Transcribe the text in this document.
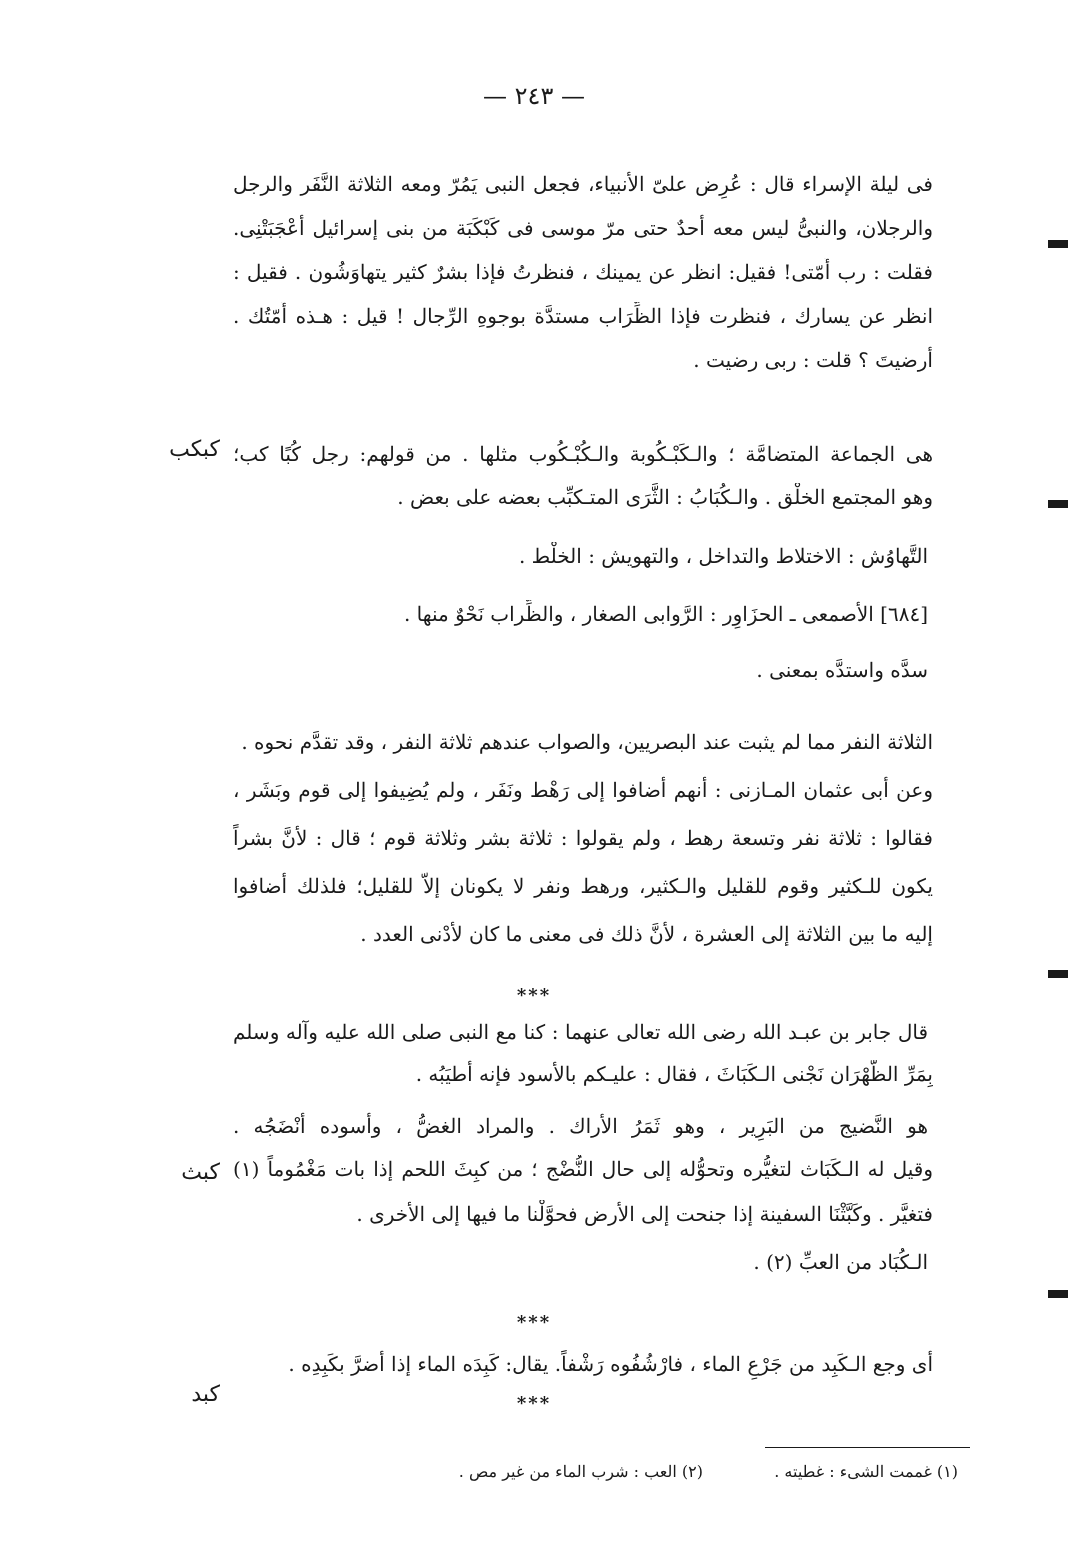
— ٢٤٣ —
فى ليلة الإسراء قال : عُرِض علىّ الأنبياء، فجعل النبى يَمُرّ ومعه الثلاثة النَّفَر والرجل
والرجلان، والنبىُّ ليس معه أحدٌ حتى مرّ موسى فى كَبْكَبَة من بنى إسرائيل أعْجَبَتْنِى.
فقلت : رب أُمّتى! فقيل: انظر عن يمينك ، فنظرتُ فإذا بشرٌ كثير يتهاوَشُون . فقيل :
انظر عن يسارك ، فنظرت فإذا الظِّرَاب مستدَّة بوجوهِ الرِّجال ! قيل : هـذه أُمّتُك .
أرضيتَ ؟ قلت : ربى رضيت .
كبكب هى الجماعة المتضامَّة ؛ والـكَبْـكُوبة والـكُبْـكُوب مثلها . من قولهم: رجل كُبًا كب؛
وهو المجتمع الخلْق . والـكُبَابُ : الثَّرَى المتـكبِّب بعضه على بعض .
التَّهاوُش : الاختلاط والتداخل ، والتهويش : الخلْط .
[٦٨٤] الأصمعى ـ الحزَاوِر : الرَّوابى الصغار ، والظِّراب نَحْوٌ منها .
سدَّه واستدَّه بمعنى .
الثلاثة النفر مما لم يثبت عند البصريين، والصواب عندهم ثلاثة النفر ، وقد تقدَّم نحوه .
وعن أبى عثمان المـازنى : أنهم أضافوا إلى رَهْط ونَفَر ، ولم يُضِيفوا إلى قوم وبَشَر ،
فقالوا : ثلاثة نفر وتسعة رهط ، ولم يقولوا : ثلاثة بشر وثلاثة قوم ؛ قال : لأنَّ بشراً
يكون للـكثير وقوم للقليل والـكثير، ورهط ونفر لا يكونان إلاَّ للقليل؛ فلذلك أضافوا
إليه ما بين الثلاثة إلى العشرة ، لأنَّ ذلك فى معنى ما كان لأدْنى العدد .
***
قال جابر بن عبـد الله رضى الله تعالى عنهما : كنا مع النبى صلى الله عليه وآله وسلم
بِمَرِّ الظَّهْرَان نَجْنى الـكَبَاثَ ، فقال : عليـكم بالأسود فإنه أطيَبُه .
هو النَّضيج من البَرِير ، وهو ثَمَرُ الأراك . والمراد الغضُّ ، وأسوده أنْضَجُه .
كبث وقيل له الـكَبَاث لتغيُّره وتحوُّله إلى حال النُّضْج ؛ من كبِثَ اللحم إذا بات مَغْمُوماً (١)
فتغيَّر . وكَبَّثْنَا السفينة إذا جنحت إلى الأرض فحوَّلْنا ما فيها إلى الأخرى .
الـكُبَاد من العبِّ (٢) .
***
كبد
أى وجع الـكَبِد من جَرْعِ الماء ، فارْشُفُوه رَشْفاً. يقال: كَبِدَه الماء إذا أضرَّ بكَبِدِه .
***
(١) غممت الشىء : غطيته .
(٢) العب : شرب الماء من غير مص .
